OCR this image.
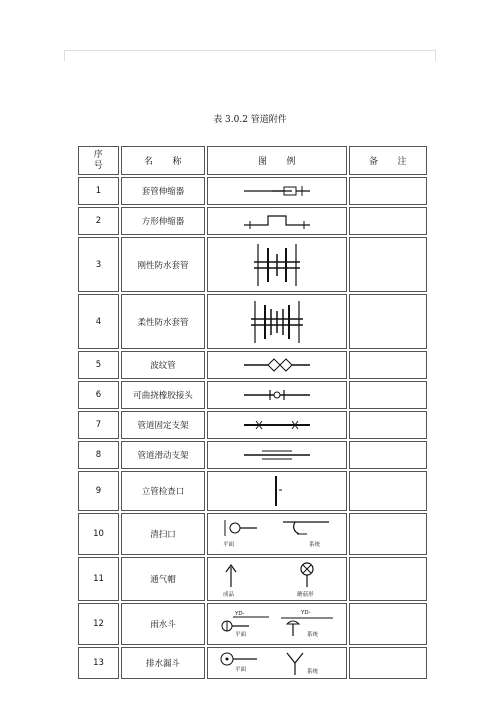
表 3.0.2 管道附件
序
号	名　　称	图　　例	备　　注
1	套管伸缩器	

2	方形伸缩器	

3	刚性防水套管	

4	柔性防水套管	

5	波纹管	

6	可曲挠橡胶接头	

7	管道固定支架	

8	管道滑动支架	

9	立管检查口	

10	清扫口	平面 系统	

11	通气帽	成品 蘑菇形	

12	雨水斗	YD-
平面
YD-
系统	

13	排水漏斗	平面 系统	
